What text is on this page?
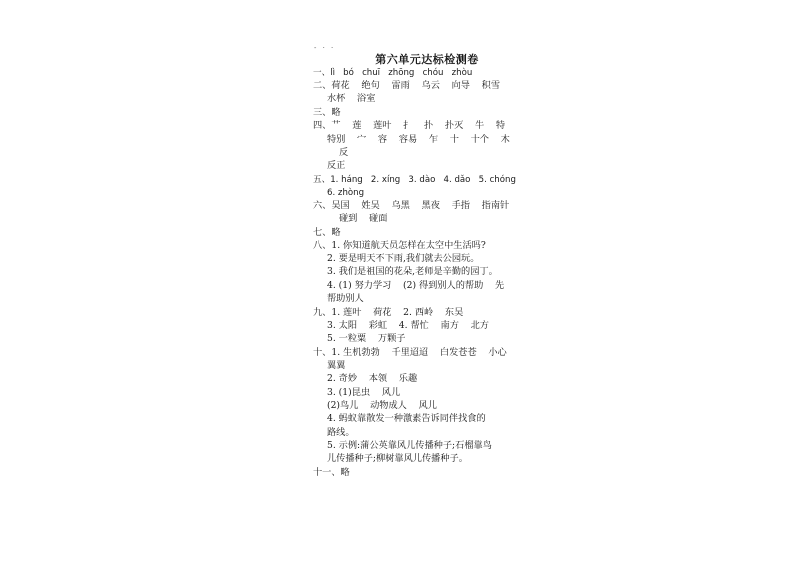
- · ·
第六单元达标检测卷
一、lì   bó   chuī   zhōng   chóu   zhòu
二、荷花    绝句    雷雨    乌云    向导    积雪
水杯    浴室
三、略
四、艹    莲    莲叶    扌    扑    扑灭    牛    特
特别    宀    容    容易    乍    十    十个    木
反
反正
五、1. háng   2. xíng   3. dào   4. dǎo   5. chóng
6. zhòng
六、吴国    姓吴    乌黑    黑夜    手指    指南针
碰到    碰面
七、略
八、1. 你知道航天员怎样在太空中生活吗?
2. 要是明天不下雨,我们就去公园玩。
3. 我们是祖国的花朵,老师是辛勤的园丁。
4. (1) 努力学习    (2) 得到别人的帮助    先
帮助别人
九、1. 莲叶    荷花    2. 西岭    东吴
3. 太阳    彩虹    4. 帮忙    南方    北方
5. 一粒粟    万颗子
十、1. 生机勃勃    千里迢迢    白发苍苍    小心
翼翼
2. 奇妙    本领    乐趣
3. (1)昆虫    风儿
(2)鸟儿    动物成人    风儿
4. 蚂蚁靠散发一种激素告诉同伴找食的
路线。
5. 示例:蒲公英靠风儿传播种子;石榴靠鸟
儿传播种子;柳树靠风儿传播种子。
十一、略
